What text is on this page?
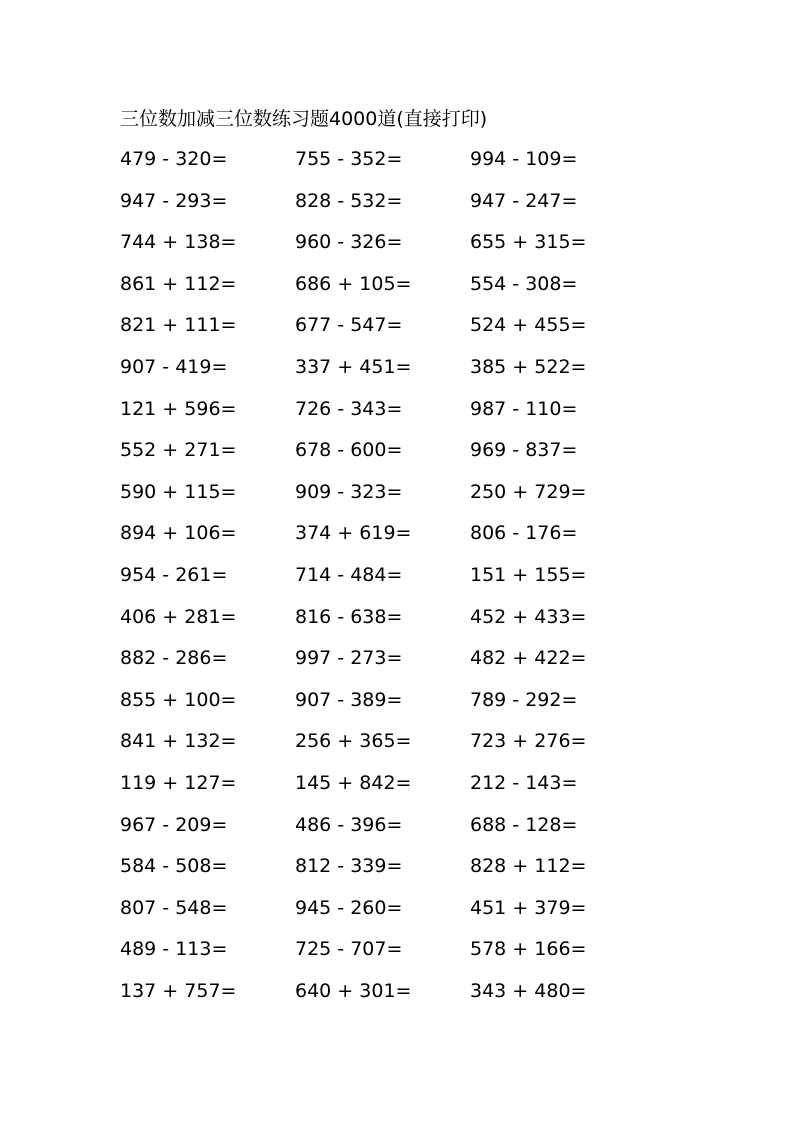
三位数加减三位数练习题4000道(直接打印)
479 - 320=	755 - 352=	994 - 109=
947 - 293=	828 - 532=	947 - 247=
744 + 138=	960 - 326=	655 + 315=
861 + 112=	686 + 105=	554 - 308=
821 + 111=	677 - 547=	524 + 455=
907 - 419=	337 + 451=	385 + 522=
121 + 596=	726 - 343=	987 - 110=
552 + 271=	678 - 600=	969 - 837=
590 + 115=	909 - 323=	250 + 729=
894 + 106=	374 + 619=	806 - 176=
954 - 261=	714 - 484=	151 + 155=
406 + 281=	816 - 638=	452 + 433=
882 - 286=	997 - 273=	482 + 422=
855 + 100=	907 - 389=	789 - 292=
841 + 132=	256 + 365=	723 + 276=
119 + 127=	145 + 842=	212 - 143=
967 - 209=	486 - 396=	688 - 128=
584 - 508=	812 - 339=	828 + 112=
807 - 548=	945 - 260=	451 + 379=
489 - 113=	725 - 707=	578 + 166=
137 + 757=	640 + 301=	343 + 480=
